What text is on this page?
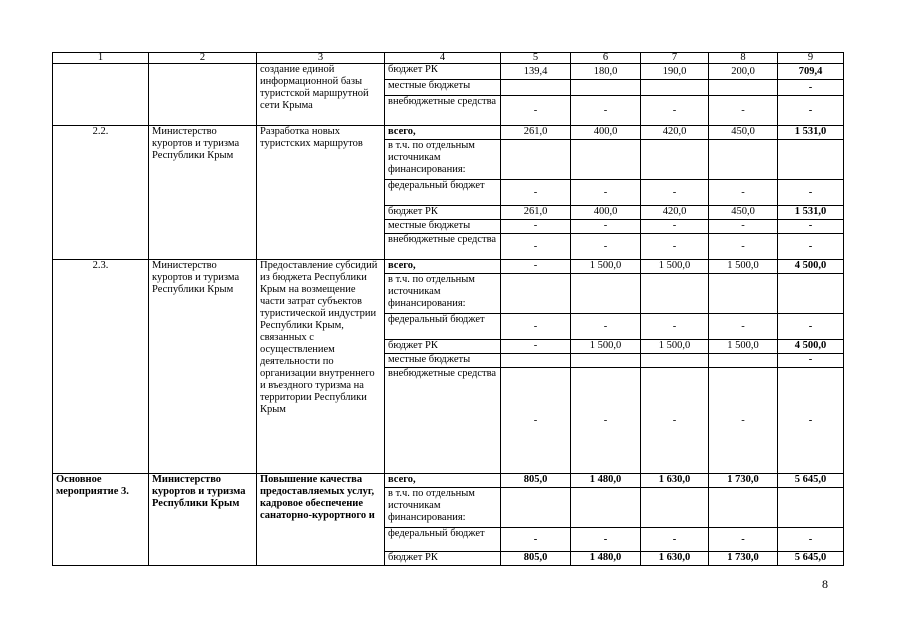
1	2	3	4	5	6	7	8	9
		создание единой информационной базы туристской маршрутной сети Крыма	бюджет РК	139,4	180,0	190,0	200,0	709,4
			местные бюджеты					-
			внебюджетные средства	-	-	-	-	-
2.2.	Министерство курортов и туризма Республики Крым	Разработка новых туристских маршрутов	всего,	261,0	400,0	420,0	450,0	1 531,0
			в т.ч. по отдельным источникам финансирования:					
			федеральный бюджет	-	-	-	-	-
			бюджет РК	261,0	400,0	420,0	450,0	1 531,0
			местные бюджеты	-	-	-	-	-
			внебюджетные средства	-	-	-	-	-
2.3.	Министерство курортов и туризма Республики Крым	Предоставление субсидий из бюджета Республики Крым на возмещение части затрат субъектов туристической индустрии Республики Крым, связанных с осуществлением деятельности по организации внутреннего и въездного туризма на территории Республики Крым	всего,	-	1 500,0	1 500,0	1 500,0	4 500,0
			в т.ч. по отдельным источникам финансирования:					
			федеральный бюджет	-	-	-	-	-
			бюджет РК	-	1 500,0	1 500,0	1 500,0	4 500,0
			местные бюджеты					-
			внебюджетные средства	-	-	-	-	-
Основное мероприятие 3.	Министерство курортов и туризма Республики Крым	Повышение качества предоставляемых услуг, кадровое обеспечение санаторно-курортного и	всего,	805,0	1 480,0	1 630,0	1 730,0	5 645,0
			в т.ч. по отдельным источникам финансирования:					
			федеральный бюджет	-	-	-	-	-
			бюджет РК	805,0	1 480,0	1 630,0	1 730,0	5 645,0
8
